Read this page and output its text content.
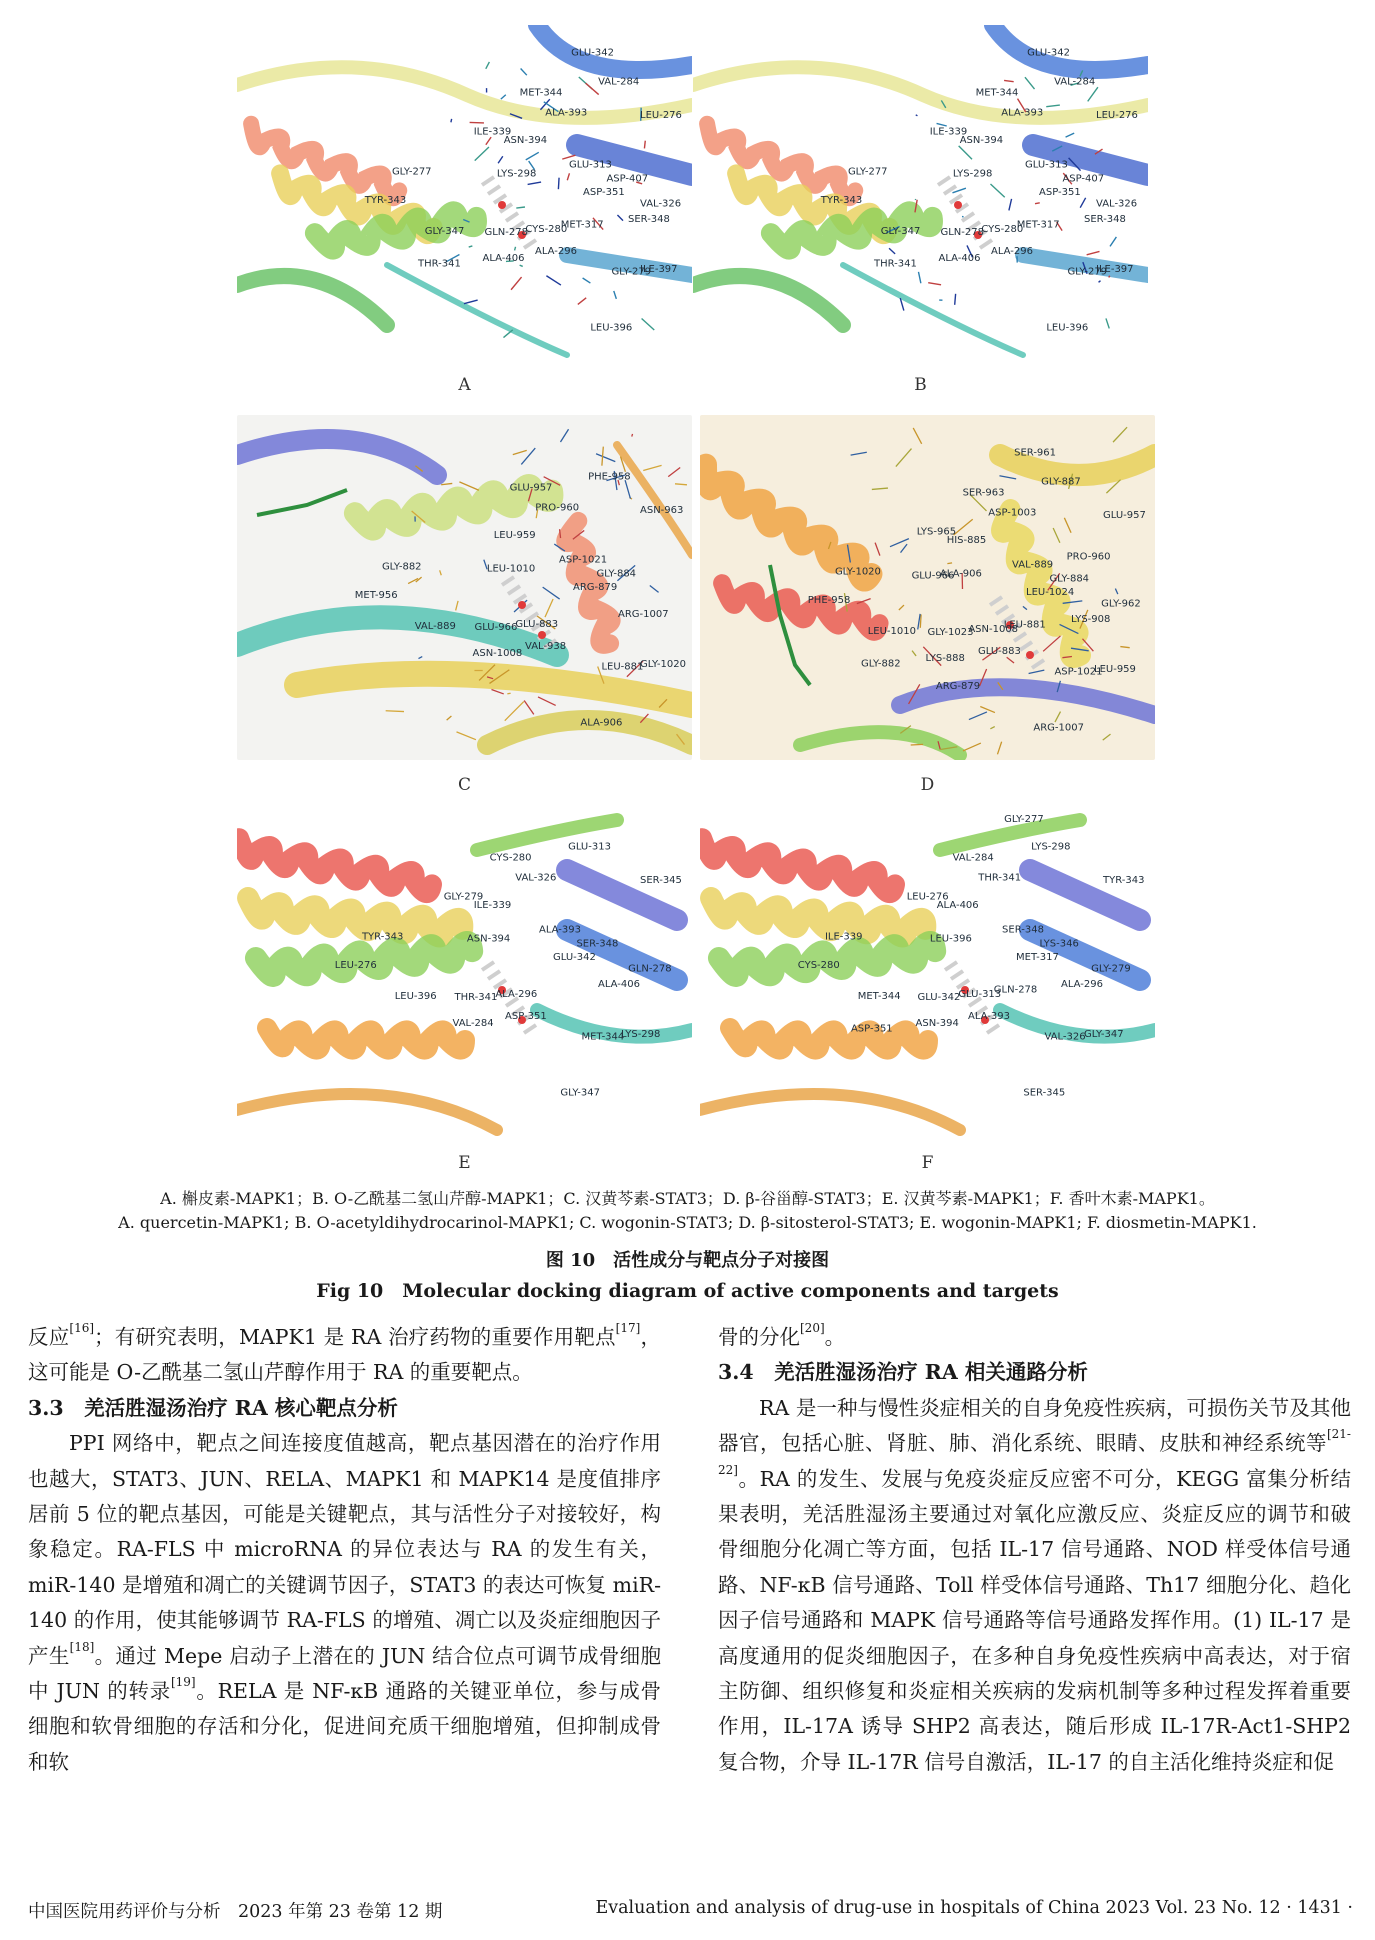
ASP-351
GLN-278
ALA-393
GLY-279
GLY-277
LEU-276
CYS-280
ASN-394
SER-348
GLY-347
VAL-284
LEU-396
LYS-298	ASP-407
ALA-406
MET-344
ILE-397
TYR-343
GLU-313
ALA-296
ILE-339
VAL-326
THR-341
GLU-342
MET-317
A
ASP-351
GLN-278
ALA-393
GLY-279
GLY-277
LEU-276
CYS-280
ASN-394
SER-348
GLY-347
VAL-284
LEU-396
LYS-298	ASP-407
ALA-406
MET-344
ILE-397
TYR-343
GLU-313
ALA-296
ILE-339
VAL-326
THR-341
GLU-342
MET-317
B
ARG-879
GLU-966
PRO-960
LEU-881
GLY-882
ASN-963
GLU-883
LEU-959
ARG-1007
VAL-889
PHE-958
ALA-906
LEU-1010	GLY-884
ASN-1008
GLU-957
GLY-1020
MET-956
ASP-1021
VAL-938
C
LEU-1024
GLY-1023
ASP-1003
ASP-1021
GLY-1020
GLU-957
ASN-1008
HIS-885
LYS-908
LEU-1010
GLY-887
ARG-1007
ALA-906	GLY-884
LYS-888
SER-963
LEU-959
PHE-958
VAL-889
GLU-883
LYS-965
GLY-962
GLY-882
SER-961
LEU-881
GLU-966
PRO-960
ARG-879
D
GLU-342
THR-341
VAL-326
MET-344
TYR-343
SER-345
ALA-296
ILE-339
ALA-406
LEU-396
GLU-313
GLY-347
ASN-394	SER-348
VAL-284
CYS-280
LYS-298
LEU-276
ALA-393
ASP-351
GLY-279
GLN-278
E
MET-317
GLU-342
THR-341
VAL-326
ILE-339
TYR-343
GLU-313
ALA-406
ALA-296
MET-344
LYS-298
SER-345
LEU-396	LYS-346
ASN-394
VAL-284
GLY-347
CYS-280
SER-348
ALA-393
LEU-276
GLY-279
ASP-351
GLY-277
GLN-278
F
A. 槲皮素-MAPK1；B. O-乙酰基二氢山芹醇-MAPK1；C. 汉黄芩素-STAT3；D. β-谷甾醇-STAT3；E. 汉黄芩素-MAPK1；F. 香叶木素-MAPK1。
A. quercetin-MAPK1; B. O-acetyldihydrocarinol-MAPK1; C. wogonin-STAT3; D. β-sitosterol-STAT3; E. wogonin-MAPK1; F. diosmetin-MAPK1.
图 10　活性成分与靶点分子对接图
Fig 10　Molecular docking diagram of active components and targets

反应[16]；有研究表明，MAPK1 是 RA 治疗药物的重要作用靶点[17]，这可能是 O-乙酰基二氢山芹醇作用于 RA 的重要靶点。

3.3　羌活胜湿汤治疗 RA 核心靶点分析

PPI 网络中，靶点之间连接度值越高，靶点基因潜在的治疗作用也越大，STAT3、JUN、RELA、MAPK1 和 MAPK14 是度值排序居前 5 位的靶点基因，可能是关键靶点，其与活性分子对接较好，构象稳定。RA-FLS 中 microRNA 的异位表达与 RA 的发生有关，miR-140 是增殖和凋亡的关键调节因子，STAT3 的表达可恢复 miR-140 的作用，使其能够调节 RA-FLS 的增殖、凋亡以及炎症细胞因子产生[18]。通过 Mepe 启动子上潜在的 JUN 结合位点可调节成骨细胞中 JUN 的转录[19]。RELA 是 NF-κB 通路的关键亚单位，参与成骨细胞和软骨细胞的存活和分化，促进间充质干细胞增殖，但抑制成骨和软

骨的分化[20]。

3.4　羌活胜湿汤治疗 RA 相关通路分析

RA 是一种与慢性炎症相关的自身免疫性疾病，可损伤关节及其他器官，包括心脏、肾脏、肺、消化系统、眼睛、皮肤和神经系统等[21-22]。RA 的发生、发展与免疫炎症反应密不可分，KEGG 富集分析结果表明，羌活胜湿汤主要通过对氧化应激反应、炎症反应的调节和破骨细胞分化凋亡等方面，包括 IL-17 信号通路、NOD 样受体信号通路、NF-κB 信号通路、Toll 样受体信号通路、Th17 细胞分化、趋化因子信号通路和 MAPK 信号通路等信号通路发挥作用。(1) IL-17 是高度通用的促炎细胞因子，在多种自身免疫性疾病中高表达，对于宿主防御、组织修复和炎症相关疾病的发病机制等多种过程发挥着重要作用，IL-17A 诱导 SHP2 高表达，随后形成 IL-17R-Act1-SHP2 复合物，介导 IL-17R 信号自激活，IL-17 的自主活化维持炎症和促

中国医院用药评价与分析　2023 年第 23 卷第 12 期	Evaluation and analysis of drug-use in hospitals of China 2023 Vol. 23 No. 12 · 1431 ·
